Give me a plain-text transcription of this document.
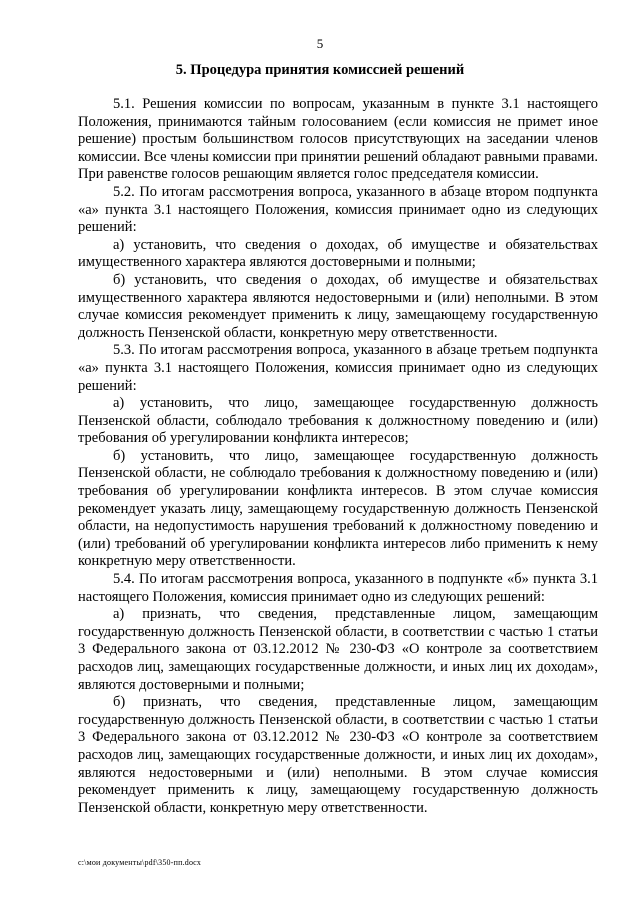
5
5. Процедура принятия комиссией решений

5.1. Решения комиссии по вопросам, указанным в пункте 3.1 настоящего Положения, принимаются тайным голосованием (если комиссия не примет иное решение) простым большинством голосов присутствующих на заседании членов комиссии. Все члены комиссии при принятии решений обладают равными правами. При равенстве голосов решающим является голос председателя комиссии.

5.2. По итогам рассмотрения вопроса, указанного в абзаце втором подпункта «а» пункта 3.1 настоящего Положения, комиссия принимает одно из следующих решений:

а) установить, что сведения о доходах, об имуществе и обязательствах имущественного характера являются достоверными и полными;

б) установить, что сведения о доходах, об имуществе и обязательствах имущественного характера являются недостоверными и (или) неполными. В этом случае комиссия рекомендует применить к лицу, замещающему государственную должность Пензенской области, конкретную меру ответственности.

5.3. По итогам рассмотрения вопроса, указанного в абзаце третьем подпункта «а» пункта 3.1 настоящего Положения, комиссия принимает одно из следующих решений:

а) установить, что лицо, замещающее государственную должность Пензенской области, соблюдало требования к должностному поведению и (или) требования об урегулировании конфликта интересов;

б) установить, что лицо, замещающее государственную должность Пензенской области, не соблюдало требования к должностному поведению и (или) требования об урегулировании конфликта интересов. В этом случае комиссия рекомендует указать лицу, замещающему государственную должность Пензенской области, на недопустимость нарушения требований к должностному поведению и (или) требований об урегулировании конфликта интересов либо применить к нему конкретную меру ответственности.

5.4. По итогам рассмотрения вопроса, указанного в подпункте «б» пункта 3.1 настоящего Положения, комиссия принимает одно из следующих решений:

а) признать, что сведения, представленные лицом, замещающим государственную должность Пензенской области, в соответствии с частью 1 статьи 3 Федерального закона от 03.12.2012 № 230-ФЗ «О контроле за соответствием расходов лиц, замещающих государственные должности, и иных лиц их доходам», являются достоверными и полными;

б) признать, что сведения, представленные лицом, замещающим государственную должность Пензенской области, в соответствии с частью 1 статьи 3 Федерального закона от 03.12.2012 № 230-ФЗ «О контроле за соответствием расходов лиц, замещающих государственные должности, и иных лиц их доходам», являются недостоверными и (или) неполными. В этом случае комиссия рекомендует применить к лицу, замещающему государственную должность Пензенской области, конкретную меру ответственности.

c:\мои документы\pdf\350-пп.docx
